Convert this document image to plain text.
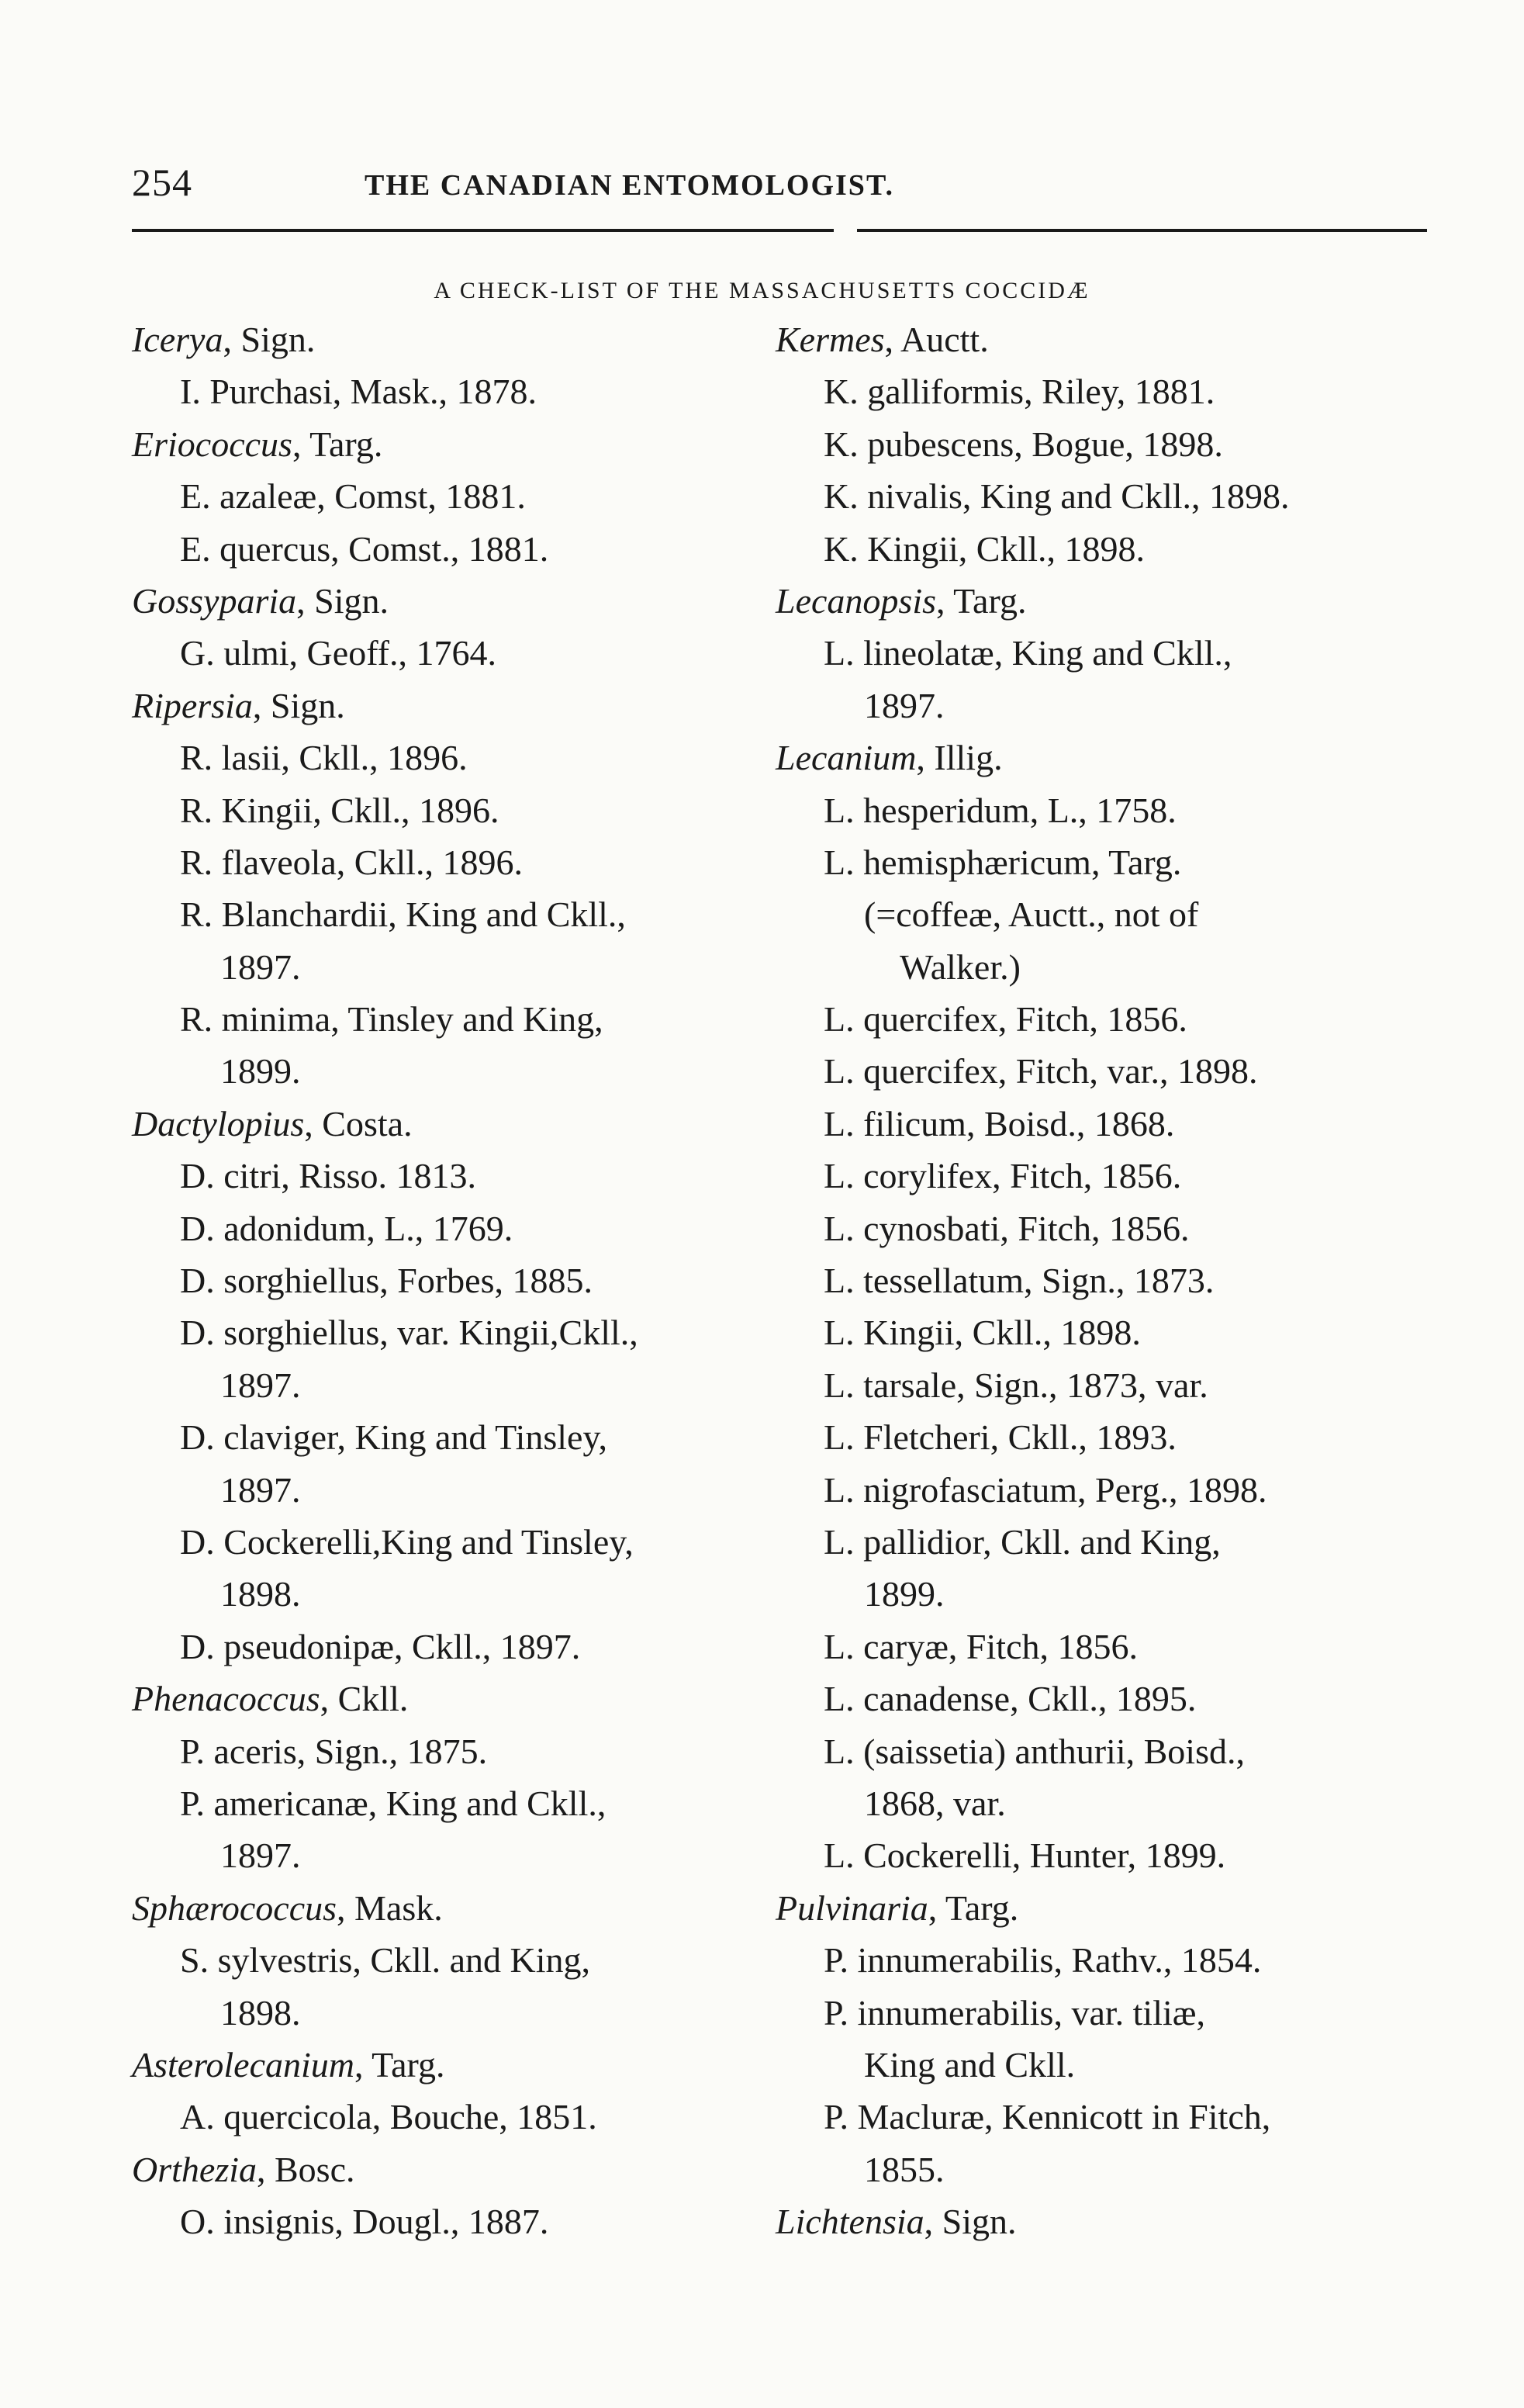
254	THE CANADIAN ENTOMOLOGIST.
A CHECK-LIST OF THE MASSACHUSETTS COCCIDÆ
Icerya, Sign.
I. Purchasi, Mask., 1878.
Eriococcus, Targ.
E. azaleæ, Comst, 1881.
E. quercus, Comst., 1881.
Gossyparia, Sign.
G. ulmi, Geoff., 1764.
Ripersia, Sign.
R. lasii, Ckll., 1896.
R. Kingii, Ckll., 1896.
R. flaveola, Ckll., 1896.
R. Blanchardii, King and Ckll.,
1897.
R. minima, Tinsley and King,
1899.
Dactylopius, Costa.
D. citri, Risso. 1813.
D. adonidum, L., 1769.
D. sorghiellus, Forbes, 1885.
D. sorghiellus, var. Kingii,Ckll.,
1897.
D. claviger, King and Tinsley,
1897.
D. Cockerelli,King and Tinsley,
1898.
D. pseudonipæ, Ckll., 1897.
Phenacoccus, Ckll.
P. aceris, Sign., 1875.
P. americanæ, King and Ckll.,
1897.
Sphærococcus, Mask.
S. sylvestris, Ckll. and King,
1898.
Asterolecanium, Targ.
A. quercicola, Bouche, 1851.
Orthezia, Bosc.
O. insignis, Dougl., 1887.
Kermes, Auctt.
K. galliformis, Riley, 1881.
K. pubescens, Bogue, 1898.
K. nivalis, King and Ckll., 1898.
K. Kingii, Ckll., 1898.
Lecanopsis, Targ.
L. lineolatæ, King and Ckll.,
1897.
Lecanium, Illig.
L. hesperidum, L., 1758.
L. hemisphæricum, Targ.
(=coffeæ, Auctt., not of
Walker.)
L. quercifex, Fitch, 1856.
L. quercifex, Fitch, var., 1898.
L. filicum, Boisd., 1868.
L. corylifex, Fitch, 1856.
L. cynosbati, Fitch, 1856.
L. tessellatum, Sign., 1873.
L. Kingii, Ckll., 1898.
L. tarsale, Sign., 1873, var.
L. Fletcheri, Ckll., 1893.
L. nigrofasciatum, Perg., 1898.
L. pallidior, Ckll. and King,
1899.
L. caryæ, Fitch, 1856.
L. canadense, Ckll., 1895.
L. (saissetia) anthurii, Boisd.,
1868, var.
L. Cockerelli, Hunter, 1899.
Pulvinaria, Targ.
P. innumerabilis, Rathv., 1854.
P. innumerabilis, var. tiliæ,
King and Ckll.
P. Macluræ, Kennicott in Fitch,
1855.
Lichtensia, Sign.
